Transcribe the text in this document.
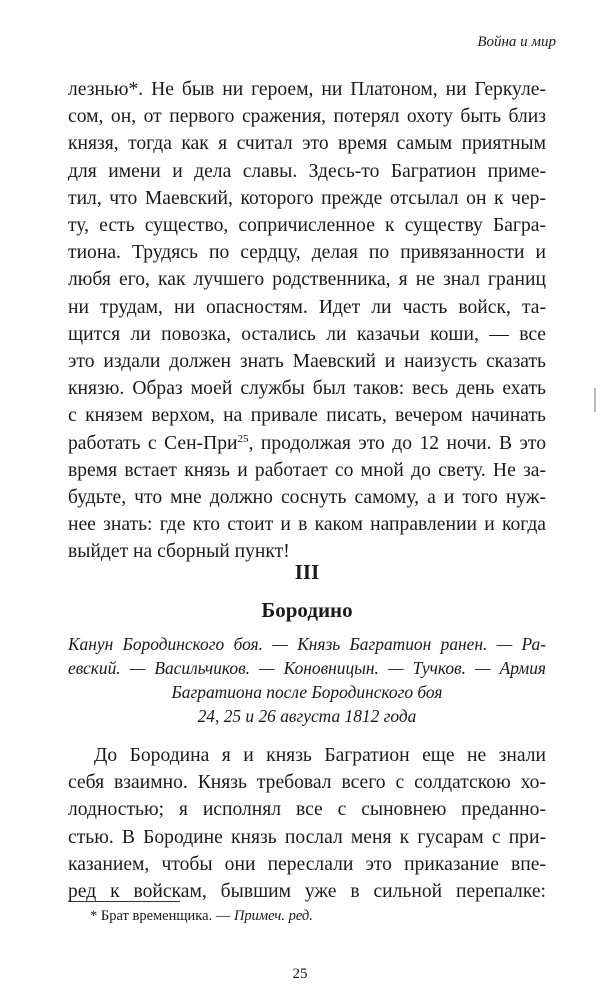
Война и мир
лезнью*. Не быв ни героем, ни Платоном, ни Геркуле-
сом, он, от первого сражения, потерял охоту быть близ
князя, тогда как я считал это время самым приятным
для имени и дела славы. Здесь-то Багратион приме-
тил, что Маевский, которого прежде отсылал он к чер-
ту, есть существо, сопричисленное к существу Багра-
тиона. Трудясь по сердцу, делая по привязанности и
любя его, как лучшего родственника, я не знал границ
ни трудам, ни опасностям. Идет ли часть войск, та-
щится ли повозка, остались ли казачьи коши, — все
это издали должен знать Маевский и наизусть сказать
князю. Образ моей службы был таков: весь день ехать
с князем верхом, на привале писать, вечером начинать
работать с Сен-При$^{25}$, продолжая это до 12 ночи. В это
время встает князь и работает со мной до свету. Не за-
будьте, что мне должно соснуть самому, а и того нуж-
нее знать: где кто стоит и в каком направлении и когда
выйдет на сборный пункт!
III
Бородино
Канун Бородинского боя. — Князь Багратион ранен. — Ра-
евский. — Васильчиков. — Коновницын. — Тучков. — Армия
Багратиона после Бородинского боя
24, 25 и 26 августа 1812 года
До Бородина я и князь Багратион еще не знали
себя взаимно. Князь требовал всего с солдатскою хо-
лодностью; я исполнял все с сыновнею преданно-
стью. В Бородине князь послал меня к гусарам с при-
казанием, чтобы они переслали это приказание впе-
ред к войскам, бывшим уже в сильной перепалке:
* Брат временщика. — Примеч. ред.
25
